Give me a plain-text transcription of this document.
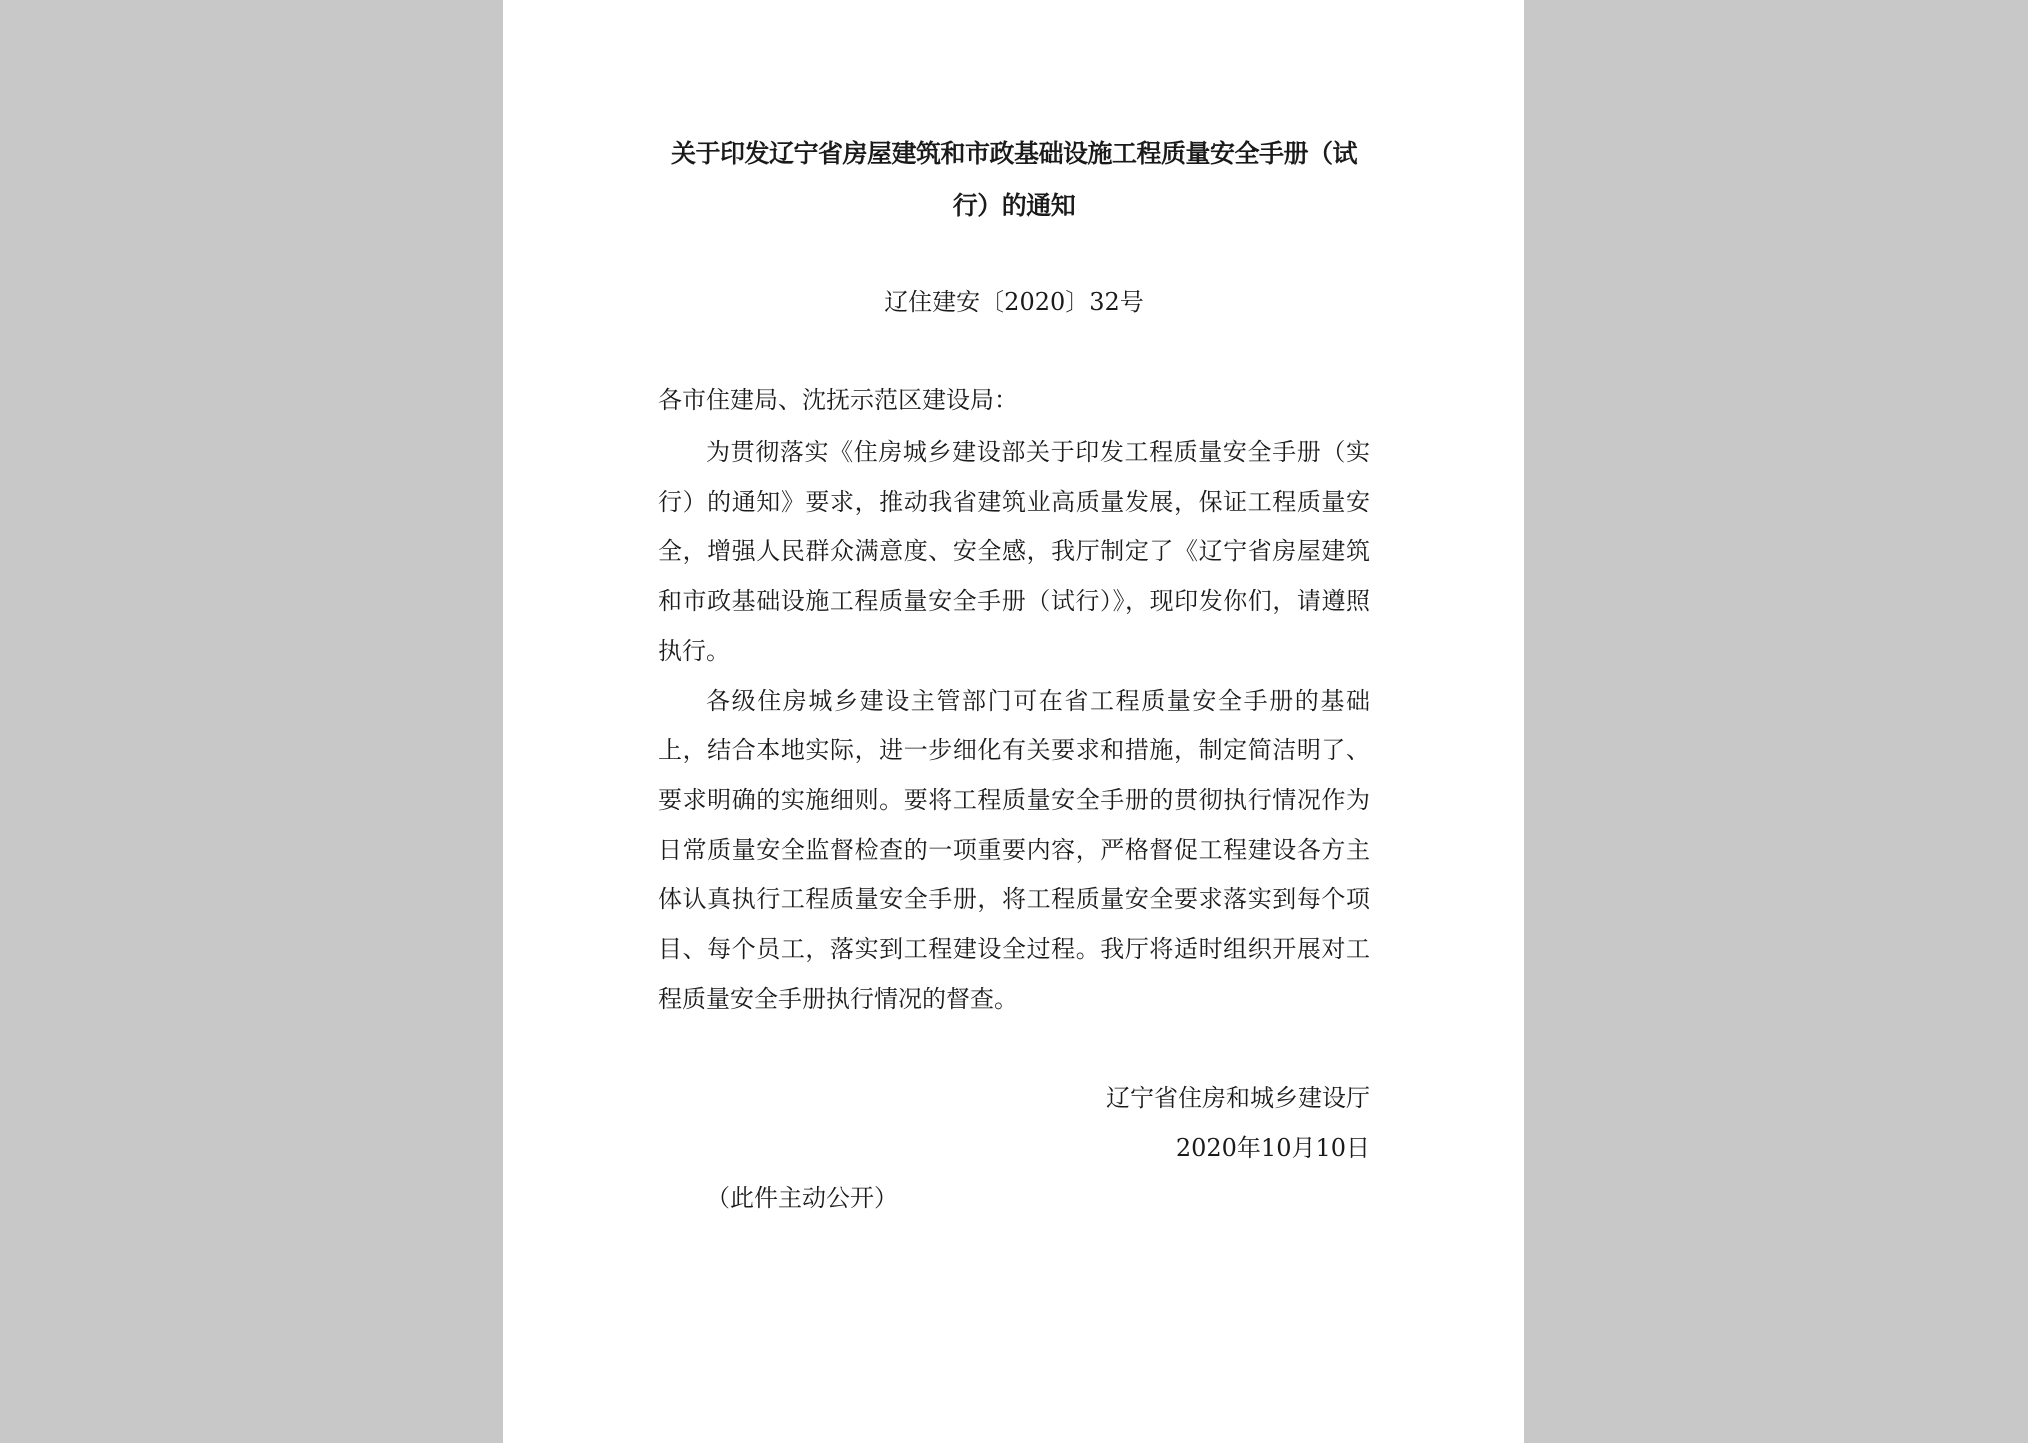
关于印发辽宁省房屋建筑和市政基础设施工程质量安全手册（试行）的通知
辽住建安〔2020〕32号
各市住建局、沈抚示范区建设局：

为贯彻落实《住房城乡建设部关于印发工程质量安全手册（实行）的通知》要求，推动我省建筑业高质量发展，保证工程质量安全，增强人民群众满意度、安全感，我厅制定了《辽宁省房屋建筑和市政基础设施工程质量安全手册（试行）》，现印发你们，请遵照执行。

各级住房城乡建设主管部门可在省工程质量安全手册的基础上，结合本地实际，进一步细化有关要求和措施，制定简洁明了、要求明确的实施细则。要将工程质量安全手册的贯彻执行情况作为日常质量安全监督检查的一项重要内容，严格督促工程建设各方主体认真执行工程质量安全手册，将工程质量安全要求落实到每个项目、每个员工，落实到工程建设全过程。我厅将适时组织开展对工程质量安全手册执行情况的督查。

辽宁省住房和城乡建设厅
2020年10月10日
（此件主动公开）
